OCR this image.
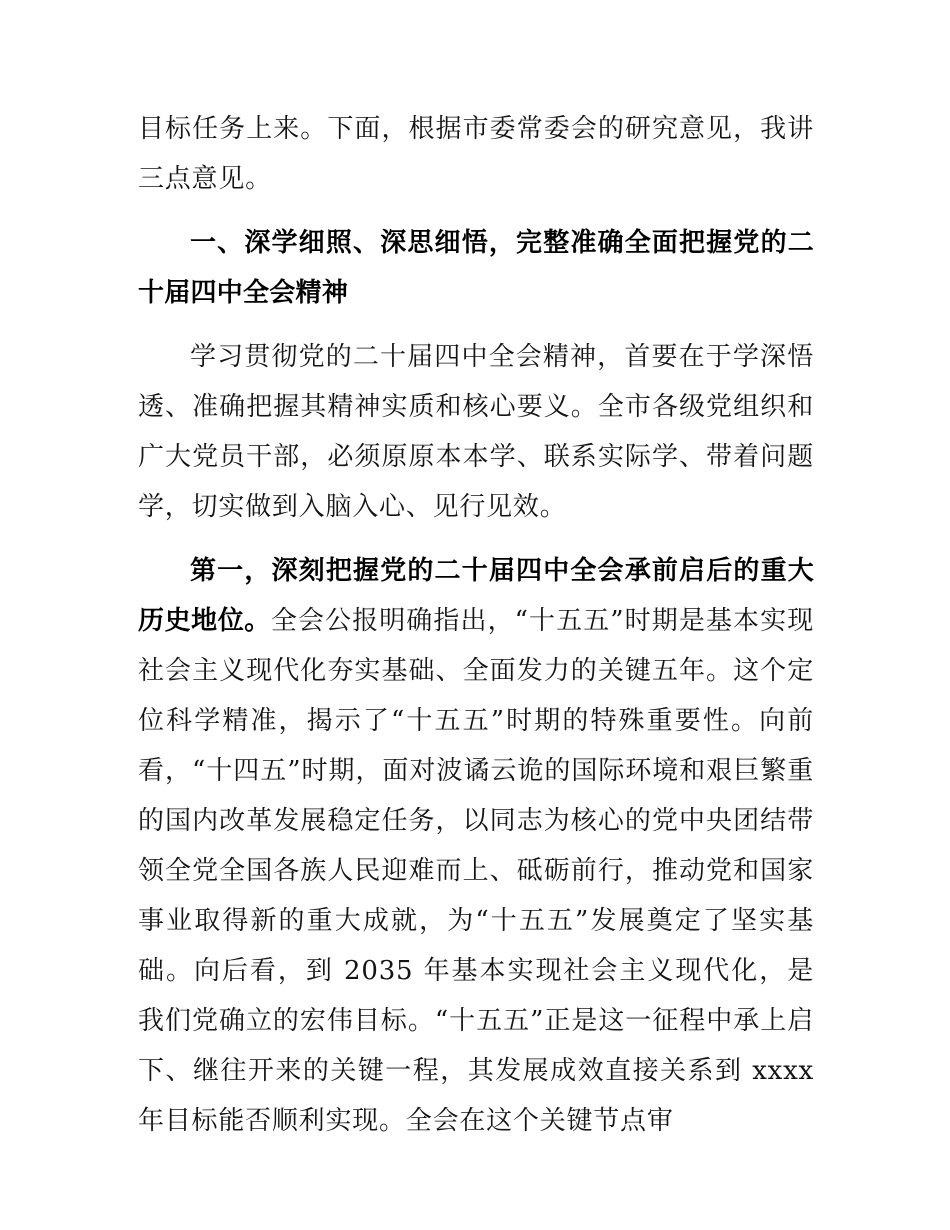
目标任务上来。下面，根据市委常委会的研究意见，我讲三点意见。

一、深学细照、深思细悟，完整准确全面把握党的二十届四中全会精神

学习贯彻党的二十届四中全会精神，首要在于学深悟透、准确把握其精神实质和核心要义。全市各级党组织和广大党员干部，必须原原本本学、联系实际学、带着问题学，切实做到入脑入心、见行见效。

第一，深刻把握党的二十届四中全会承前启后的重大历史地位。全会公报明确指出，“十五五”时期是基本实现社会主义现代化夯实基础、全面发力的关键五年。这个定位科学精准，揭示了“十五五”时期的特殊重要性。向前看，“十四五”时期，面对波谲云诡的国际环境和艰巨繁重的国内改革发展稳定任务，以同志为核心的党中央团结带领全党全国各族人民迎难而上、砥砺前行，推动党和国家事业取得新的重大成就，为“十五五”发展奠定了坚实基础。向后看，到 2035 年基本实现社会主义现代化，是我们党确立的宏伟目标。“十五五”正是这一征程中承上启下、继往开来的关键一程，其发展成效直接关系到 xxxx 年目标能否顺利实现。全会在这个关键节点审
